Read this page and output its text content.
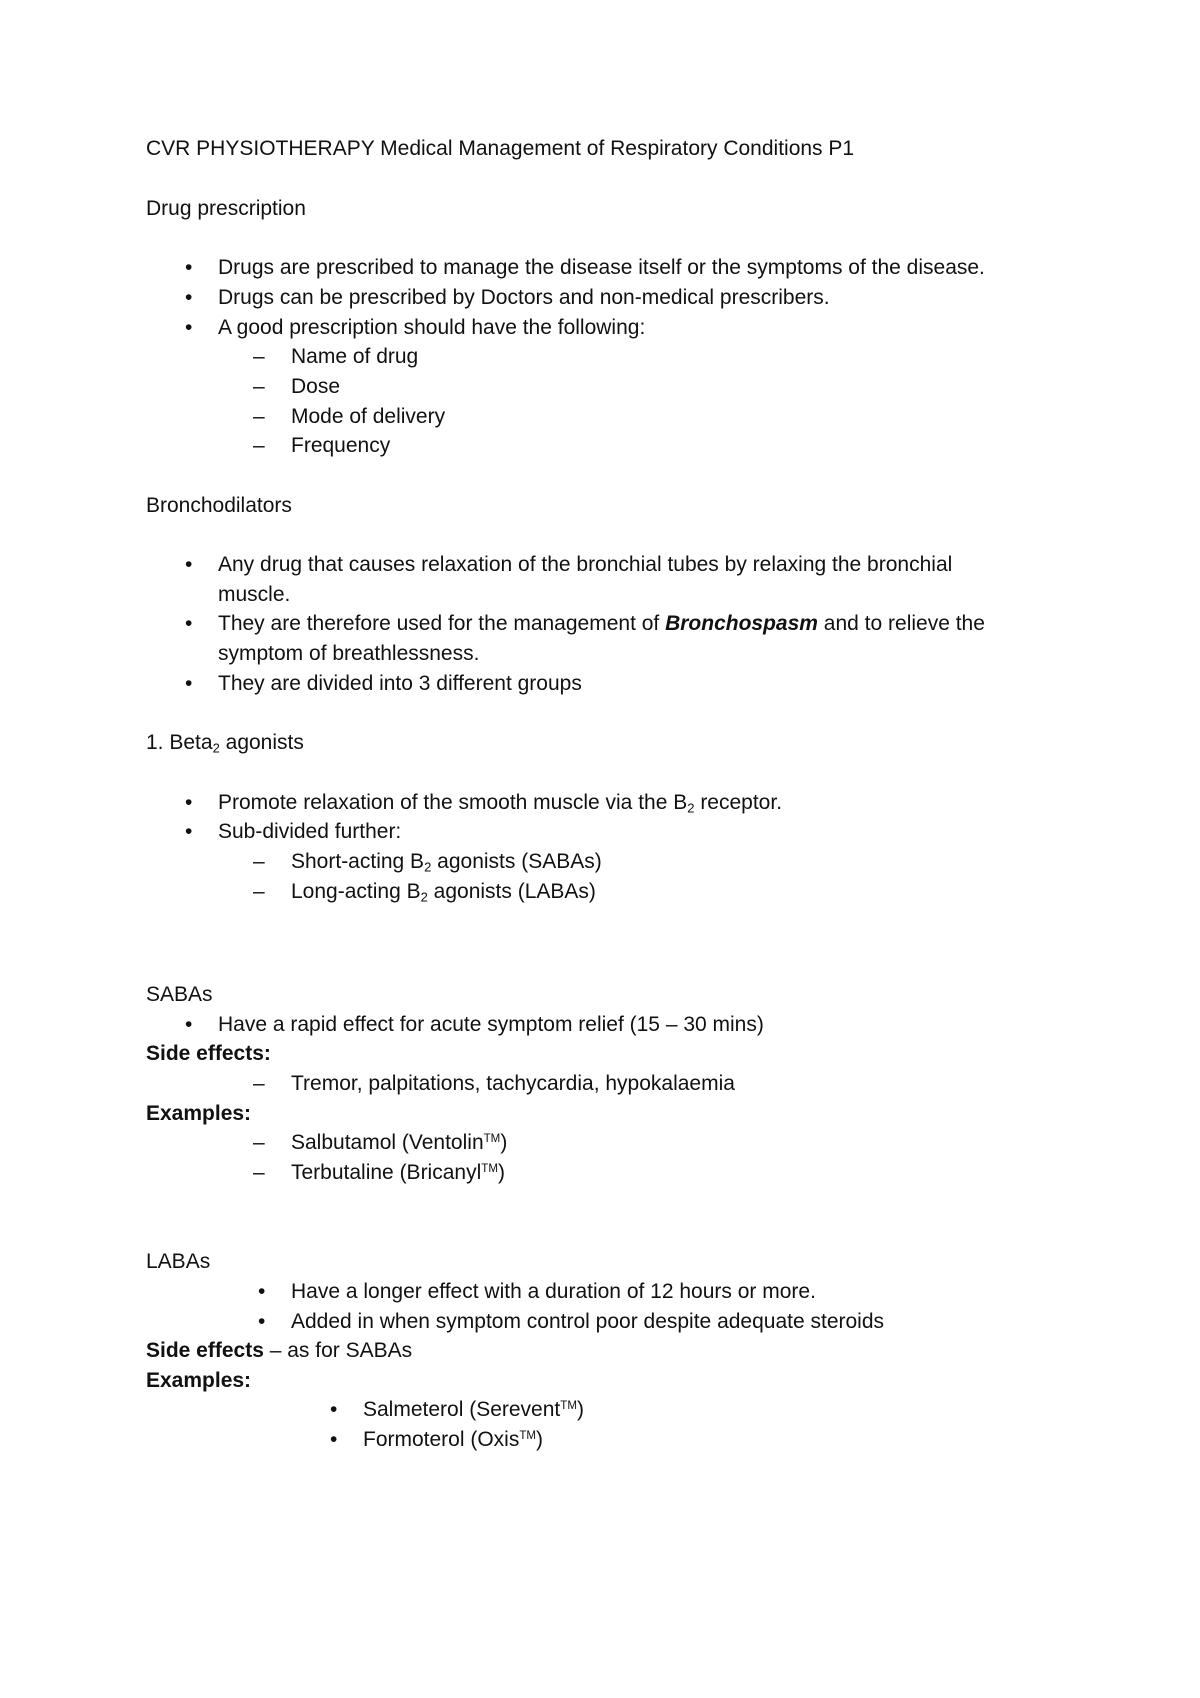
CVR PHYSIOTHERAPY Medical Management of Respiratory Conditions P1
Drug prescription
• Drugs are prescribed to manage the disease itself or the symptoms of the disease.
• Drugs can be prescribed by Doctors and non-medical prescribers.
• A good prescription should have the following:
– Name of drug
– Dose
– Mode of delivery
– Frequency
Bronchodilators
• Any drug that causes relaxation of the bronchial tubes by relaxing the bronchial
muscle.
• They are therefore used for the management of Bronchospasm and to relieve the
symptom of breathlessness.
• They are divided into 3 different groups
1. Beta$_2$ agonists
• Promote relaxation of the smooth muscle via the $B_2$ receptor.
• Sub-divided further:
– Short-acting $B_2$ agonists (SABAs)
– Long-acting $B_2$ agonists (LABAs)
SABAs
• Have a rapid effect for acute symptom relief (15 – 30 mins)
Side effects:
– Tremor, palpitations, tachycardia, hypokalaemia
Examples:
– Salbutamol (Ventolin™)
– Terbutaline (Bricanyl™)
LABAs
• Have a longer effect with a duration of 12 hours or more.
• Added in when symptom control poor despite adequate steroids
Side effects – as for SABAs
Examples:
• Salmeterol (Serevent™)
• Formoterol (Oxis™)
